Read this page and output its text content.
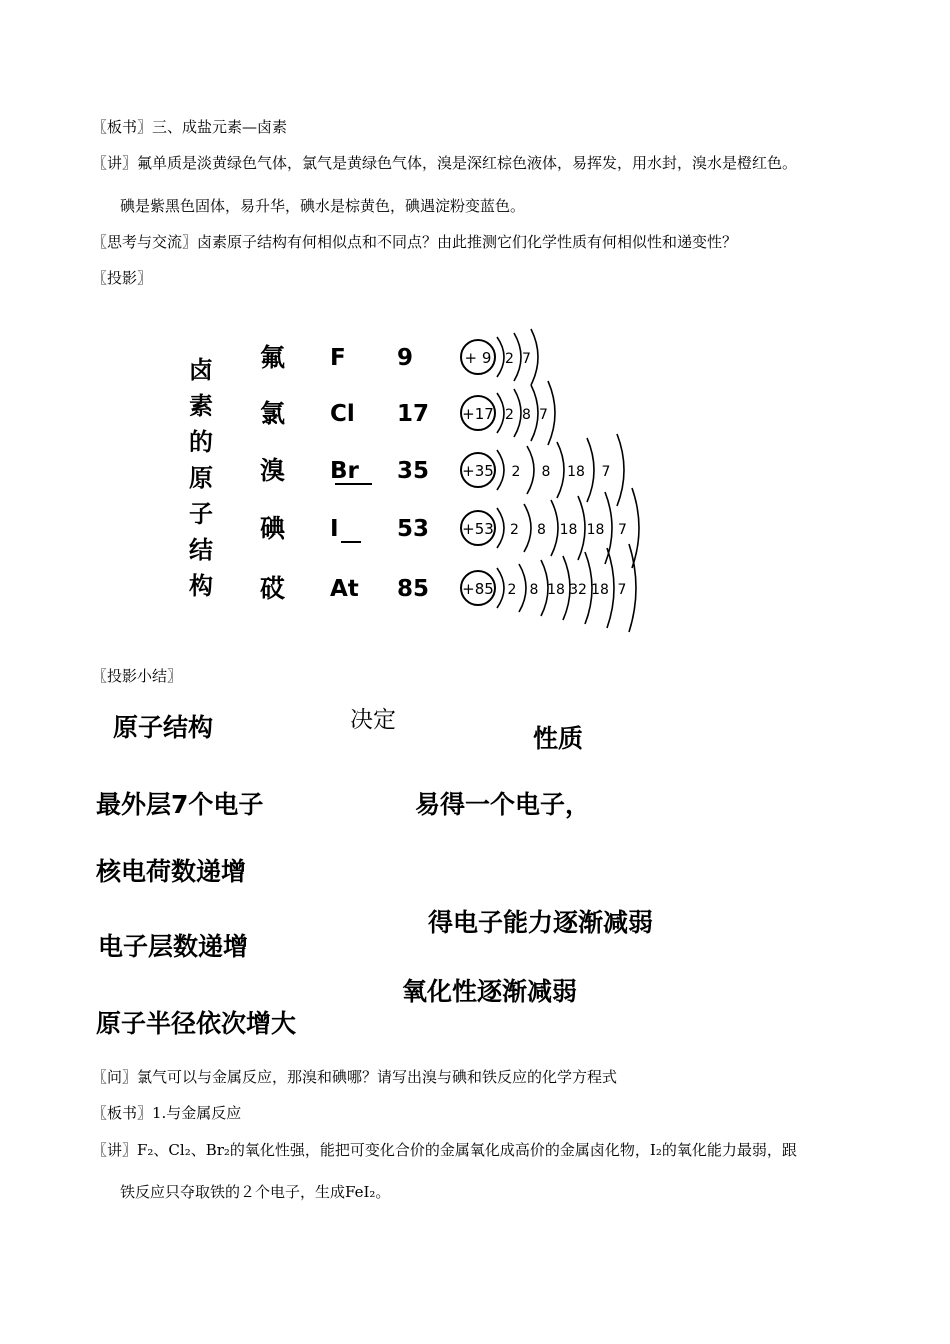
〖板书〗三、成盐元素—卤素
〖讲〗氟单质是淡黄绿色气体，氯气是黄绿色气体，溴是深红棕色液体，易挥发，用水封，溴水是橙红色。
碘是紫黑色固体，易升华，碘水是棕黄色，碘遇淀粉变蓝色。
〖思考与交流〗卤素原子结构有何相似点和不同点？由此推测它们化学性质有何相似性和递变性？
〖投影〗
卤
素
的
原
子
结
构
氟 F 9	+ 9 2 7
氯 Cl 17 +17 2 8 7
溴 Br 35 +35 2 8 18 7
碘 I	53 +53 2 8 18 18 7
砹 At 85 +85 2 8 18 32 18 7
〖投影小结〗
原子结构	决定
性质
最外层7个电子	易得一个电子，
核电荷数递增
得电子能力逐渐减弱
电子层数递增
氧化性逐渐减弱
原子半径依次增大
〖问〗氯气可以与金属反应，那溴和碘哪？请写出溴与碘和铁反应的化学方程式
〖板书〗1.与金属反应
〖讲〗F₂、Cl₂、Br₂的氧化性强，能把可变化合价的金属氧化成高价的金属卤化物，I₂的氧化能力最弱，跟
铁反应只夺取铁的２个电子，生成FeI₂。
